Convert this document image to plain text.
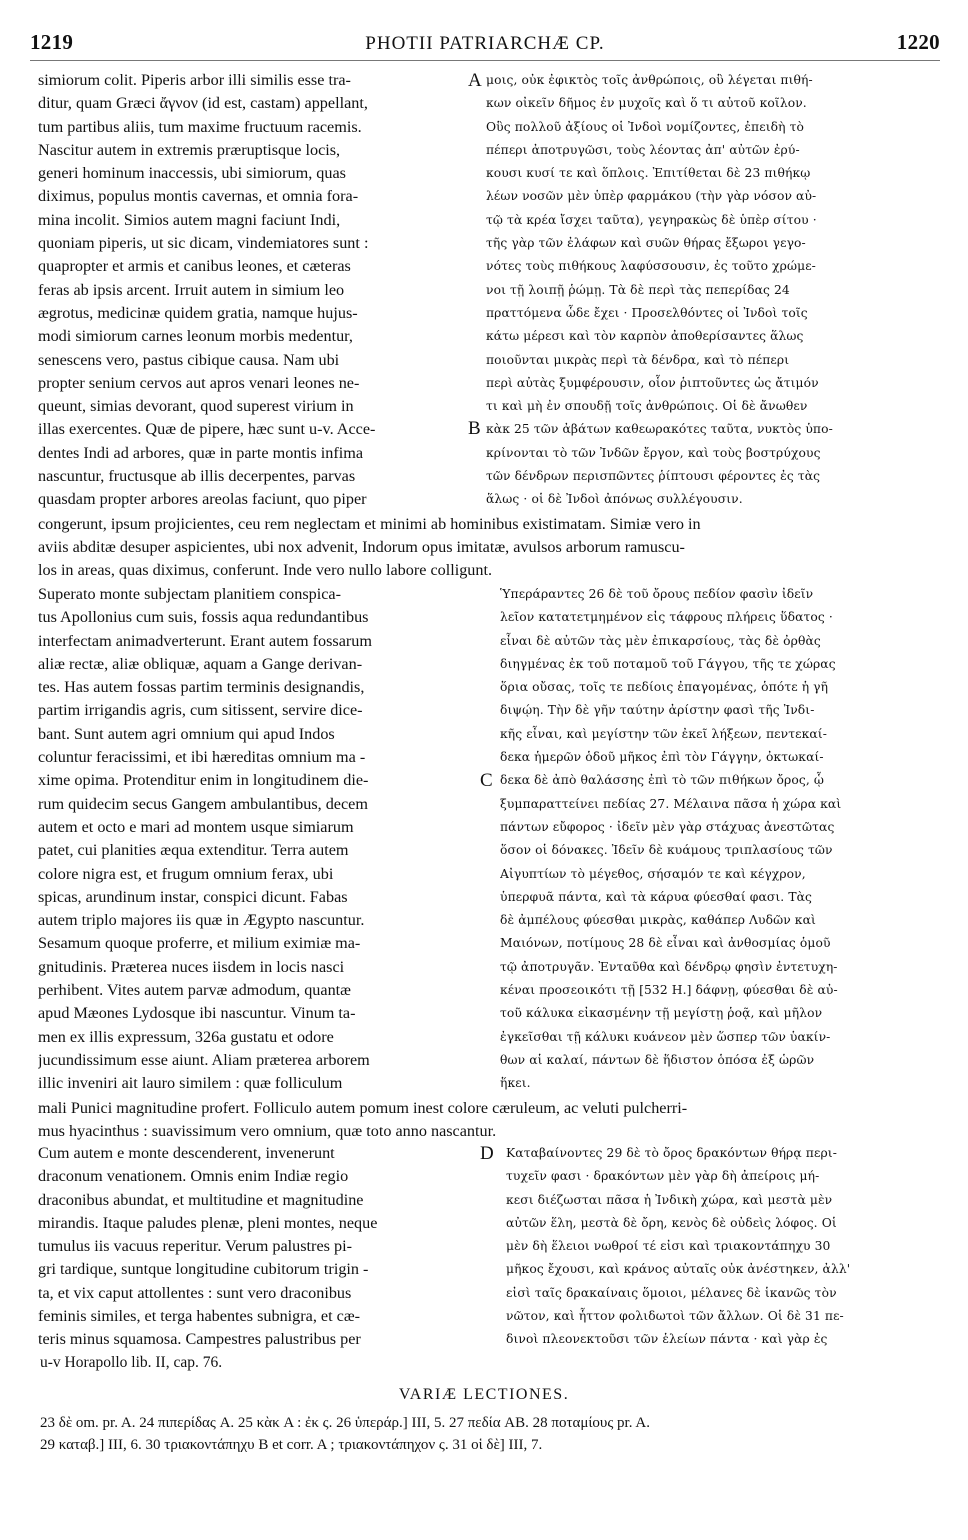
1219	PHOTII PATRIARCHÆ CP.	1220
simiorum colit. Piperis arbor illi similis esse tra-
ditur, quam Græci ἄγνον (id est, castam) appellant,
tum partibus aliis, tum maxime fructuum racemis.
Nascitur autem in extremis præruptisque locis,
generi hominum inaccessis, ubi simiorum, quas
diximus, populus montis cavernas, et omnia fora-
mina incolit. Simios autem magni faciunt Indi,
quoniam piperis, ut sic dicam, vindemiatores sunt :
quapropter et armis et canibus leones, et cæteras
feras ab ipsis arcent. Irruit autem in simium leo
ægrotus, medicinæ quidem gratia, namque hujus-
modi simiorum carnes leonum morbis medentur,
senescens vero, pastus cibique causa. Nam ubi
propter senium cervos aut apros venari leones ne-
queunt, simias devorant, quod superest virium in
illas exercentes. Quæ de pipere, hæc sunt u-v. Acce-
dentes Indi ad arbores, quæ in parte montis infima
nascuntur, fructusque ab illis decerpentes, parvas
quasdam propter arbores areolas faciunt, quo piper
μοις, οὐκ ἐφικτὸς τοῖς ἀνθρώποις, οὓ λέγεται πιθή-
κων οἰκεῖν δῆμος ἐν μυχοῖς καὶ ὅ τι αὐτοῦ κοῖλον.
Οὓς πολλοῦ ἀξίους οἱ Ἰνδοὶ νομίζοντες, ἐπειδὴ τὸ
πέπερι ἀποτρυγῶσι, τοὺς λέοντας ἀπ' αὐτῶν ἐρύ-
κουσι κυσί τε καὶ ὅπλοις. Ἐπιτίθεται δὲ 23 πιθήκῳ
λέων νοσῶν μὲν ὑπὲρ φαρμάκου (τὴν γὰρ νόσον αὐ-
τῷ τὰ κρέα ἴσχει ταῦτα), γεγηρακὼς δὲ ὑπὲρ σίτου ·
τῆς γὰρ τῶν ἐλάφων καὶ συῶν θήρας ἔξωροι γεγο-
νότες τοὺς πιθήκους λαφύσσουσιν, ἐς τοῦτο χρώμε-
νοι τῇ λοιπῇ ῥώμῃ. Τὰ δὲ περὶ τὰς πεπερίδας 24
πραττόμενα ὧδε ἔχει · Προσελθόντες οἱ Ἰνδοὶ τοῖς
κάτω μέρεσι καὶ τὸν καρπὸν ἀποθερίσαντες ἅλως
ποιοῦνται μικρὰς περὶ τὰ δένδρα, καὶ τὸ πέπερι
περὶ αὐτὰς ξυμφέρουσιν, οἷον ῥιπτοῦντες ὡς ἄτιμόν
τι καὶ μὴ ἐν σπουδῇ τοῖς ἀνθρώποις. Οἱ δὲ ἄνωθεν
κὰκ 25 τῶν ἀβάτων καθεωρακότες ταῦτα, νυκτὸς ὑπο-
κρίνονται τὸ τῶν Ἰνδῶν ἔργον, καὶ τοὺς βοστρύχους
τῶν δένδρων περισπῶντες ῥίπτουσι φέροντες ἐς τὰς
ἅλως · οἱ δὲ Ἰνδοὶ ἀπόνως συλλέγουσιν.
A
B
congerunt, ipsum projicientes, ceu rem neglectam et minimi ab hominibus existimatam. Simiæ vero in
aviis abditæ desuper aspicientes, ubi nox advenit, Indorum opus imitatæ, avulsos arborum ramuscu-
los in areas, quas diximus, conferunt. Inde vero nullo labore colligunt.
Superato monte subjectam planitiem conspica-
tus Apollonius cum suis, fossis aqua redundantibus
interfectam animadverterunt. Erant autem fossarum
aliæ rectæ, aliæ obliquæ, aquam a Gange derivan-
tes. Has autem fossas partim terminis designandis,
partim irrigandis agris, cum sitissent, servire dice-
bant. Sunt autem agri omnium qui apud Indos
coluntur feracissimi, et ibi hæreditas omnium ma -
xime opima. Protenditur enim in longitudinem die-
rum quidecim secus Gangem ambulantibus, decem
autem et octo e mari ad montem usque simiarum
patet, cui planities æqua extenditur. Terra autem
colore nigra est, et frugum omnium ferax, ubi
spicas, arundinum instar, conspici dicunt. Fabas
autem triplo majores iis quæ in Ægypto nascuntur.
Sesamum quoque proferre, et milium eximiæ ma-
gnitudinis. Præterea nuces iisdem in locis nasci
perhibent. Vites autem parvæ admodum, quantæ
apud Mæones Lydosque ibi nascuntur. Vinum ta-
men ex illis expressum, 326a gustatu et odore
jucundissimum esse aiunt. Aliam præterea arborem
illic inveniri ait lauro similem : quæ folliculum
Ὑπεράραντες 26 δὲ τοῦ ὄρους πεδίον φασὶν ἰδεῖν
λεῖον κατατετμημένον εἰς τάφρους πλήρεις ὕδατος ·
εἶναι δὲ αὐτῶν τὰς μὲν ἐπικαρσίους, τὰς δὲ ὀρθὰς
διηγμένας ἐκ τοῦ ποταμοῦ τοῦ Γάγγου, τῆς τε χώρας
ὅρια οὔσας, τοῖς τε πεδίοις ἐπαγομένας, ὁπότε ἡ γῆ
διψῴη. Τὴν δὲ γῆν ταύτην ἀρίστην φασὶ τῆς Ἰνδι-
κῆς εἶναι, καὶ μεγίστην τῶν ἐκεῖ λήξεων, πεντεκαί-
δεκα ἡμερῶν ὁδοῦ μῆκος ἐπὶ τὸν Γάγγην, ὀκτωκαί-
δεκα δὲ ἀπὸ θαλάσσης ἐπὶ τὸ τῶν πιθήκων ὄρος, ᾧ
ξυμπαραττείνει πεδίας 27. Μέλαινα πᾶσα ἡ χώρα καὶ
πάντων εὔφορος · ἰδεῖν μὲν γὰρ στάχυας ἀνεστῶτας
ὅσον οἱ δόνακες. Ἰδεῖν δὲ κυάμους τριπλασίους τῶν
Αἰγυπτίων τὸ μέγεθος, σήσαμόν τε καὶ κέγχρον,
ὑπερφυᾶ πάντα, καὶ τὰ κάρυα φύεσθαί φασι. Τὰς
δὲ ἀμπέλους φύεσθαι μικρὰς, καθάπερ Λυδῶν καὶ
Μαιόνων, ποτίμους 28 δὲ εἶναι καὶ ἀνθοσμίας ὁμοῦ
τῷ ἀποτρυγᾶν. Ἐνταῦθα καὶ δένδρῳ φησὶν ἐντετυχη-
κέναι προσεοικότι τῇ [532 Η.] δάφνῃ, φύεσθαι δὲ αὐ-
τοῦ κάλυκα εἰκασμένην τῇ μεγίστῃ ῥοᾷ, καὶ μῆλον
ἐγκεῖσθαι τῇ κάλυκι κυάνεον μὲν ὥσπερ τῶν ὑακίν-
θων αἱ καλαί, πάντων δὲ ἥδιστον ὁπόσα ἐξ ὡρῶν
ἥκει.
C
mali Punici magnitudine profert. Folliculo autem pomum inest colore cæruleum, ac veluti pulcherri-
mus hyacinthus : suavissimum vero omnium, quæ toto anno nascantur.
Cum autem e monte descenderent, invenerunt
draconum venationem. Omnis enim Indiæ regio
draconibus abundat, et multitudine et magnitudine
mirandis. Itaque paludes plenæ, pleni montes, neque
tumulus iis vacuus reperitur. Verum palustres pi-
gri tardique, suntque longitudine cubitorum trigin -
ta, et vix caput attollentes : sunt vero draconibus
feminis similes, et terga habentes subnigra, et cæ-
teris minus squamosa. Campestres palustribus per
Καταβαίνοντες 29 δὲ τὸ ὄρος δρακόντων θήρᾳ περι-
τυχεῖν φασι · δρακόντων μὲν γὰρ δὴ ἀπείροις μή-
κεσι διέζωσται πᾶσα ἡ Ἰνδικὴ χώρα, καὶ μεστὰ μὲν
αὐτῶν ἕλη, μεστὰ δὲ ὄρη, κενὸς δὲ οὐδεὶς λόφος. Οἱ
μὲν δὴ ἕλειοι νωθροί τέ εἰσι καὶ τριακοντάπηχυ 30
μῆκος ἔχουσι, καὶ κράνος αὐταῖς οὐκ ἀνέστηκεν, ἀλλ'
εἰσὶ ταῖς δρακαίναις ὅμοιοι, μέλανες δὲ ἱκανῶς τὸν
νῶτον, καὶ ἧττον φολιδωτοὶ τῶν ἄλλων. Οἱ δὲ 31 πε-
δινοὶ πλεονεκτοῦσι τῶν ἑλείων πάντα · καὶ γὰρ ἐς
D
u-v Horapollo lib. II, cap. 76.
VARIÆ LECTIONES.
23 δὲ om. pr. A. 24 πιπερίδας A. 25 κὰκ A : ἐκ ς. 26 ὑπεράρ.] III, 5. 27 πεδία AB. 28 ποταμίους pr. A.
29 καταβ.] III, 6. 30 τριακοντάπηχυ B et corr. A ; τριακοντάπηχον ς. 31 οἱ δὲ] III, 7.
